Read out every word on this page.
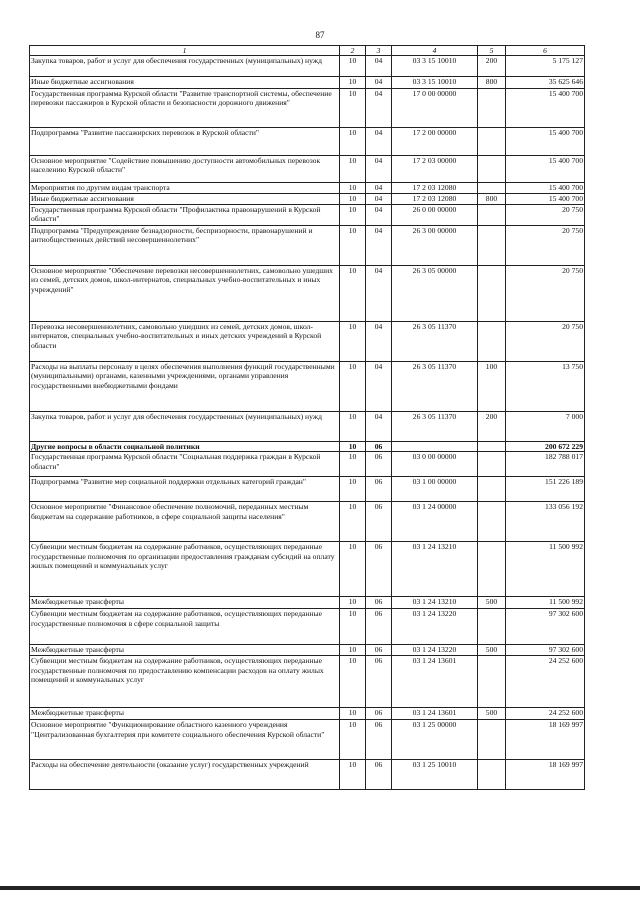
87
1	2	3	4	5	6
Закупка товаров, работ и услуг для обеспечения государственных (муниципальных) нужд	10	04	03 3 15 10010	200	5 175 127
Иные бюджетные ассигнования	10	04	03 3 15 10010	800	35 625 646
Государственная программа Курской области "Развитие транспортной системы, обеспечение перевозки пассажиров в Курской области и безопасности дорожного движения"	10	04	17 0 00 00000		15 400 700
Подпрограмма "Развитие пассажирских перевозок в Курской области"	10	04	17 2 00 00000		15 400 700
Основное мероприятие "Содействие повышению доступности автомобильных перевозок населению Курской области"	10	04	17 2 03 00000		15 400 700
Мероприятия по другим видам транспорта	10	04	17 2 03 12080		15 400 700
Иные бюджетные ассигнования	10	04	17 2 03 12080	800	15 400 700
Государственная программа Курской области "Профилактика правонарушений в Курской области"	10	04	26 0 00 00000		20 750
Подпрограмма "Предупреждение безнадзорности, беспризорности, правонарушений и антиобщественных действий несовершеннолетних"	10	04	26 3 00 00000		20 750
Основное мероприятие "Обеспечение перевозки несовершеннолетних, самовольно ушедших из семей, детских домов, школ-интернатов, специальных учебно-воспитательных и иных учреждений"	10	04	26 3 05 00000		20 750
Перевозка несовершеннолетних, самовольно ушедших из семей, детских домов, школ-интернатов, специальных учебно-воспитательных и иных детских учреждений в Курской области	10	04	26 3 05 11370		20 750
Расходы на выплаты персоналу в целях обеспечения выполнения функций государственными (муниципальными) органами, казенными учреждениями, органами управления государственными внебюджетными фондами	10	04	26 3 05 11370	100	13 750
Закупка товаров, работ и услуг для обеспечения государственных (муниципальных) нужд	10	04	26 3 05 11370	200	7 000
Другие вопросы в области социальной политики	10	06			200 672 229
Государственная программа Курской области "Социальная поддержка граждан в Курской области"	10	06	03 0 00 00000		182 788 017
Подпрограмма "Развитие мер социальной поддержки отдельных категорий граждан"	10	06	03 1 00 00000		151 226 189
Основное мероприятие "Финансовое обеспечение полномочий, переданных местным бюджетам на содержание работников, в сфере социальной защиты населения"	10	06	03 1 24 00000		133 056 192
Субвенции местным бюджетам на содержание работников, осуществляющих переданные государственные полномочия по организации предоставления гражданам субсидий на оплату жилых помещений и коммунальных услуг	10	06	03 1 24 13210		11 500 992
Межбюджетные трансферты	10	06	03 1 24 13210	500	11 500 992
Субвенции местным бюджетам на содержание работников, осуществляющих переданные государственные полномочия в сфере социальной защиты	10	06	03 1 24 13220		97 302 600
Межбюджетные трансферты	10	06	03 1 24 13220	500	97 302 600
Субвенции местным бюджетам на содержание работников, осуществляющих переданные государственные полномочия по предоставлению компенсации расходов на оплату жилых помещений и коммунальных услуг	10	06	03 1 24 13601		24 252 600
Межбюджетные трансферты	10	06	03 1 24 13601	500	24 252 600
Основное мероприятие "Функционирование областного казенного учреждения "Централизованная бухгалтерия при комитете социального обеспечения Курской области"	10	06	03 1 25 00000		18 169 997
Расходы на обеспечение деятельности (оказание услуг) государственных учреждений	10	06	03 1 25 10010		18 169 997
